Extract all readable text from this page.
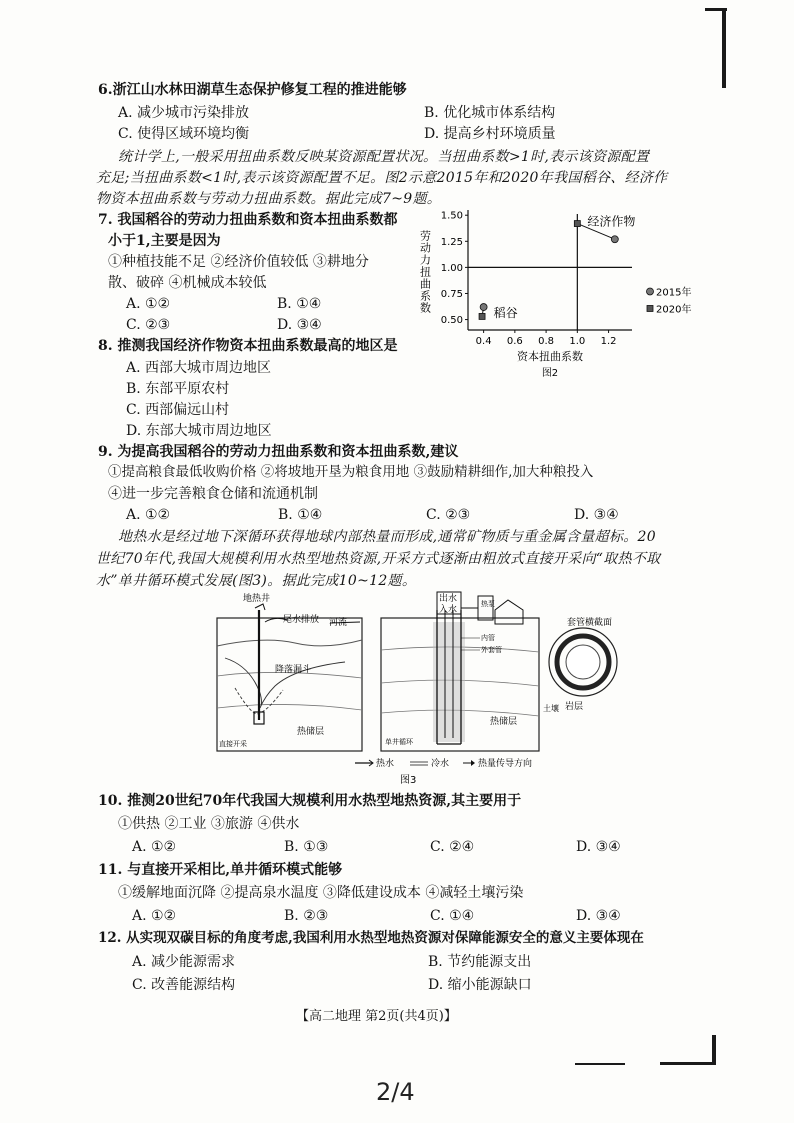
6.浙江山水林田湖草生态保护修复工程的推进能够
A. 减少城市污染排放	B. 优化城市体系结构
C. 使得区域环境均衡	D. 提高乡村环境质量
统计学上,一般采用扭曲系数反映某资源配置状况。当扭曲系数>1时,表示该资源配置
充足;当扭曲系数<1时,表示该资源配置不足。图2示意2015年和2020年我国稻谷、经济作
物资本扭曲系数与劳动力扭曲系数。据此完成7~9题。
7. 我国稻谷的劳动力扭曲系数和资本扭曲系数都
小于1,主要是因为
①种植技能不足 ②经济价值较低 ③耕地分
散、破碎 ④机械成本较低
A. ①②	B. ①④
C. ②③	D. ③④	0.50
0.75
1.00
1.25
1.50
0.4 0.6 0.8 1.0 1.2
资本扭曲系数
劳动力扭曲系数	稻谷
经济作物
2015年
2020年
图2
8. 推测我国经济作物资本扭曲系数最高的地区是
A. 西部大城市周边地区
B. 东部平原农村
C. 西部偏远山村
D. 东部大城市周边地区
9. 为提高我国稻谷的劳动力扭曲系数和资本扭曲系数,建议
①提高粮食最低收购价格 ②将坡地开垦为粮食用地 ③鼓励精耕细作,加大种粮投入
④进一步完善粮食仓储和流通机制
A. ①②	B. ①④	C. ②③	D. ③④
地热水是经过地下深循环获得地球内部热量而形成,通常矿物质与重金属含量超标。20
世纪70年代,我国大规模利用水热型地热资源,开采方式逐渐由粗放式直接开采向“取热不取
水”单井循环模式发展(图3)。据此完成10~12题。
地热井
尾水排放 河流
降落漏斗
热储层
直接开采
出水
入水
热泵
内管
外套管
热储层
单井循环
套管横截面
土壤 岩层
热水	冷水	热量传导方向
图3
10. 推测20世纪70年代我国大规模利用水热型地热资源,其主要用于
①供热 ②工业 ③旅游 ④供水
A. ①②	B. ①③	C. ②④	D. ③④
11. 与直接开采相比,单井循环模式能够
①缓解地面沉降 ②提高泉水温度 ③降低建设成本 ④减轻土壤污染
A. ①②	B. ②③	C. ①④	D. ③④
12. 从实现双碳目标的角度考虑,我国利用水热型地热资源对保障能源安全的意义主要体现在
A. 减少能源需求	B. 节约能源支出
C. 改善能源结构	D. 缩小能源缺口
【高二地理 第2页(共4页)】
2/4
